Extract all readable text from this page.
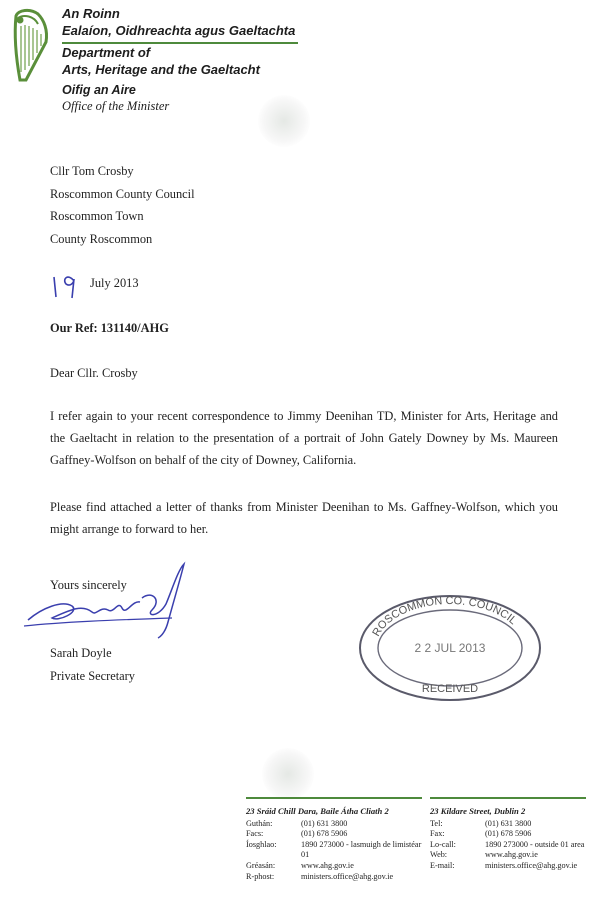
An Roinn
Ealaíon, Oidhreachta agus Gaeltachta
Department of
Arts, Heritage and the Gaeltacht
Oifig an Aire
Office of the Minister
Cllr Tom Crosby
Roscommon County Council
Roscommon Town
County Roscommon
July 2013
Our Ref: 131140/AHG
Dear Cllr. Crosby
I refer again to your recent correspondence to Jimmy Deenihan TD, Minister for Arts, Heritage and the Gaeltacht in relation to the presentation of a portrait of John Gately Downey by Ms. Maureen Gaffney-Wolfson on behalf of the city of Downey, California.
Please find attached a letter of thanks from Minister Deenihan to Ms. Gaffney-Wolfson, which you might arrange to forward to her.
Yours sincerely
Sarah Doyle
Private Secretary
ROSCOMMON CO. COUNCIL
2 2 JUL 2013
RECEIVED
23 Sráid Chill Dara, Baile Átha Cliath 2
Guthán:	(01) 631 3800
Facs:	(01) 678 5906
Íosghlao:	1890 273000 - lasmuigh de limistéar 01
Gréasán:	www.ahg.gov.ie
R-phost:	ministers.office@ahg.gov.ie
23 Kildare Street, Dublin 2
Tel:	(01) 631 3800
Fax:	(01) 678 5906
Lo-call:	1890 273000 - outside 01 area
Web:	www.ahg.gov.ie
E-mail:	ministers.office@ahg.gov.ie
